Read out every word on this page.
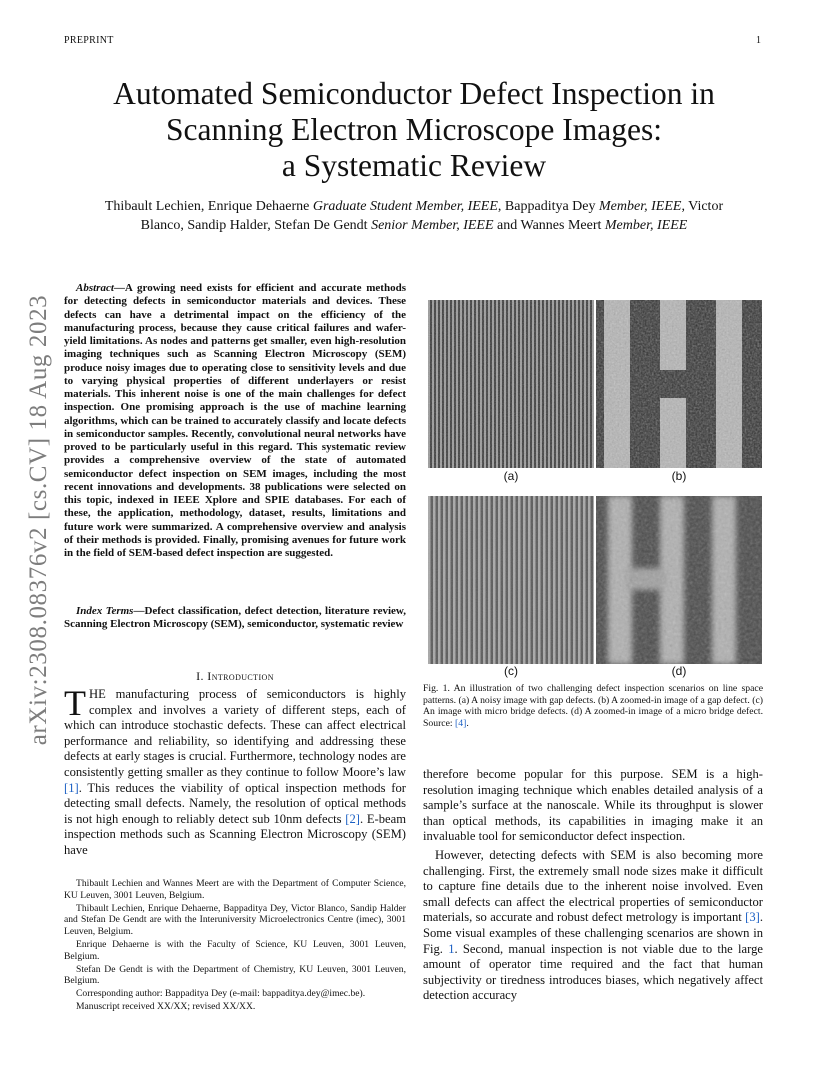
PREPRINT	1
arXiv:2308.08376v2 [cs.CV] 18 Aug 2023
Automated Semiconductor Defect Inspection in
Scanning Electron Microscope Images:
a Systematic Review
Thibault Lechien, Enrique Dehaerne Graduate Student Member, IEEE, Bappaditya Dey Member, IEEE, Victor
Blanco, Sandip Halder, Stefan De Gendt Senior Member, IEEE and Wannes Meert Member, IEEE
Abstract—A growing need exists for efficient and accurate methods for detecting defects in semiconductor materials and devices. These defects can have a detrimental impact on the efficiency of the manufacturing process, because they cause critical failures and wafer-yield limitations. As nodes and patterns get smaller, even high-resolution imaging techniques such as Scanning Electron Microscopy (SEM) produce noisy images due to operating close to sensitivity levels and due to varying physical properties of different underlayers or resist materials. This inherent noise is one of the main challenges for defect inspection. One promising approach is the use of machine learning algorithms, which can be trained to accurately classify and locate defects in semiconductor samples. Recently, convolutional neural networks have proved to be particularly useful in this regard. This systematic review provides a comprehensive overview of the state of automated semiconductor defect inspection on SEM images, including the most recent innovations and developments. 38 publications were selected on this topic, indexed in IEEE Xplore and SPIE databases. For each of these, the application, methodology, dataset, results, limitations and future work were summarized. A comprehensive overview and analysis of their methods is provided. Finally, promising avenues for future work in the field of SEM-based defect inspection are suggested.
Index Terms—Defect classification, defect detection, literature review, Scanning Electron Microscopy (SEM), semiconductor, systematic review
I. Introduction
THE manufacturing process of semiconductors is highly complex and involves a variety of different steps, each of which can introduce stochastic defects. These can affect electrical performance and reliability, so identifying and addressing these defects at early stages is crucial. Furthermore, technology nodes are consistently getting smaller as they continue to follow Moore’s law [1]. This reduces the viability of optical inspection methods for detecting small defects. Namely, the resolution of optical methods is not high enough to reliably detect sub 10nm defects [2]. E-beam inspection methods such as Scanning Electron Microscopy (SEM) have

Thibault Lechien and Wannes Meert are with the Department of Computer Science, KU Leuven, 3001 Leuven, Belgium.

Thibault Lechien, Enrique Dehaerne, Bappaditya Dey, Victor Blanco, Sandip Halder and Stefan De Gendt are with the Interuniversity Microelectronics Centre (imec), 3001 Leuven, Belgium.

Enrique Dehaerne is with the Faculty of Science, KU Leuven, 3001 Leuven, Belgium.

Stefan De Gendt is with the Department of Chemistry, KU Leuven, 3001 Leuven, Belgium.

Corresponding author: Bappaditya Dey (e-mail: bappaditya.dey@imec.be).

Manuscript received XX/XX; revised XX/XX.

(a)	(b)
(c)	(d)
Fig. 1. An illustration of two challenging defect inspection scenarios on line space patterns. (a) A noisy image with gap defects. (b) A zoomed-in image of a gap defect. (c) An image with micro bridge defects. (d) A zoomed-in image of a micro bridge defect. Source: [4].

therefore become popular for this purpose. SEM is a high-resolution imaging technique which enables detailed analysis of a sample’s surface at the nanoscale. While its throughput is slower than optical methods, its capabilities in imaging make it an invaluable tool for semiconductor defect inspection.

However, detecting defects with SEM is also becoming more challenging. First, the extremely small node sizes make it difficult to capture fine details due to the inherent noise involved. Even small defects can affect the electrical properties of semiconductor materials, so accurate and robust defect metrology is important [3]. Some visual examples of these challenging scenarios are shown in Fig. 1. Second, manual inspection is not viable due to the large amount of operator time required and the fact that human subjectivity or tiredness introduces biases, which negatively affect detection accuracy
